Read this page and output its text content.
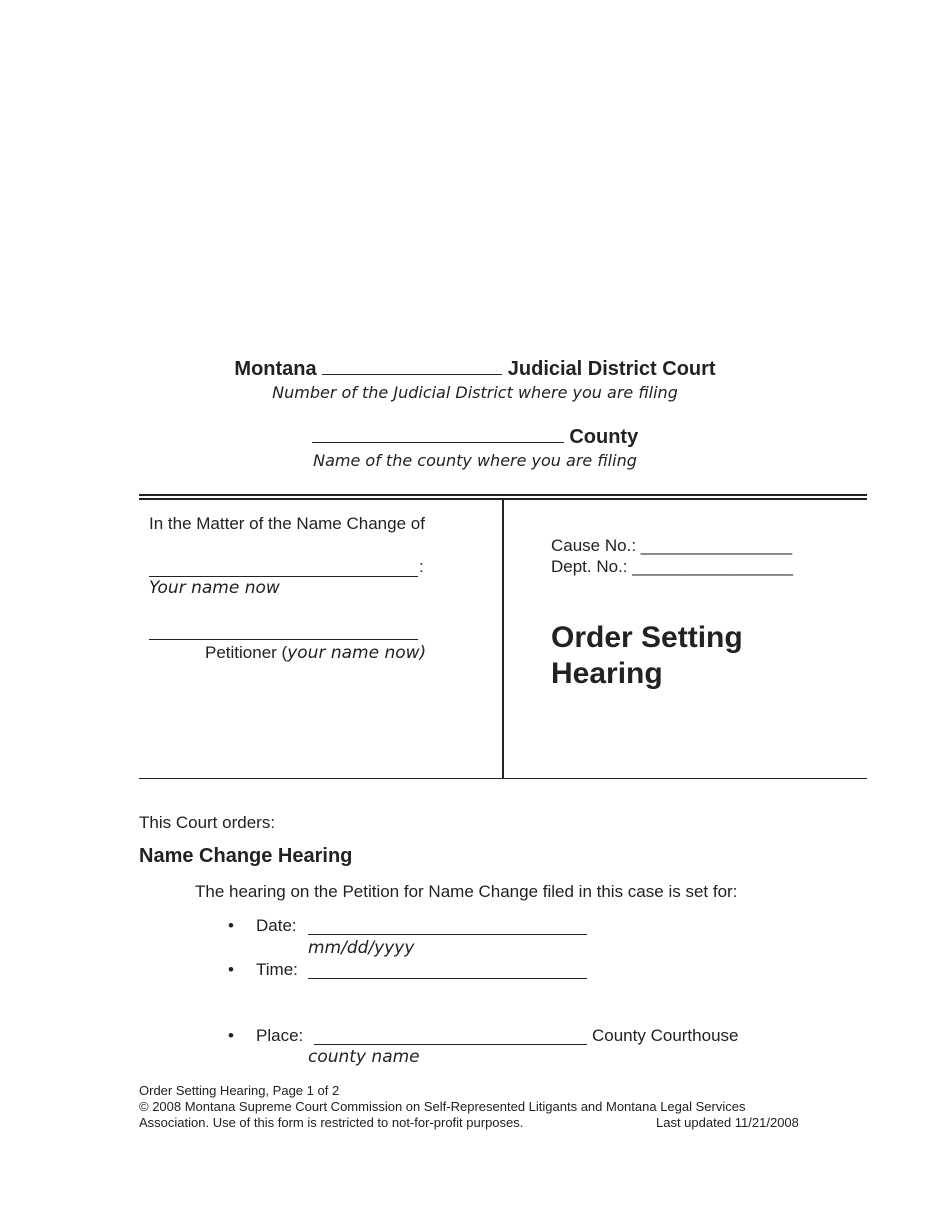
Montana	Judicial District Court
Number of the Judicial District where you are filing
County
Name of the county where you are filing
In the Matter of the Name Change of
:
Your name now
Petitioner (your name now)
Cause No.: ________________
Dept. No.: _________________
Order Setting
Hearing
This Court orders:
Name Change Hearing
The hearing on the Petition for Name Change filed in this case is set for:
• Date:
mm/dd/yyyy
• Time:
• Place:	County Courthouse
county name
Order Setting Hearing, Page 1 of 2
© 2008 Montana Supreme Court Commission on Self-Represented Litigants and Montana Legal Services
Association. Use of this form is restricted to not-for-profit purposes.	Last updated 11/21/2008
